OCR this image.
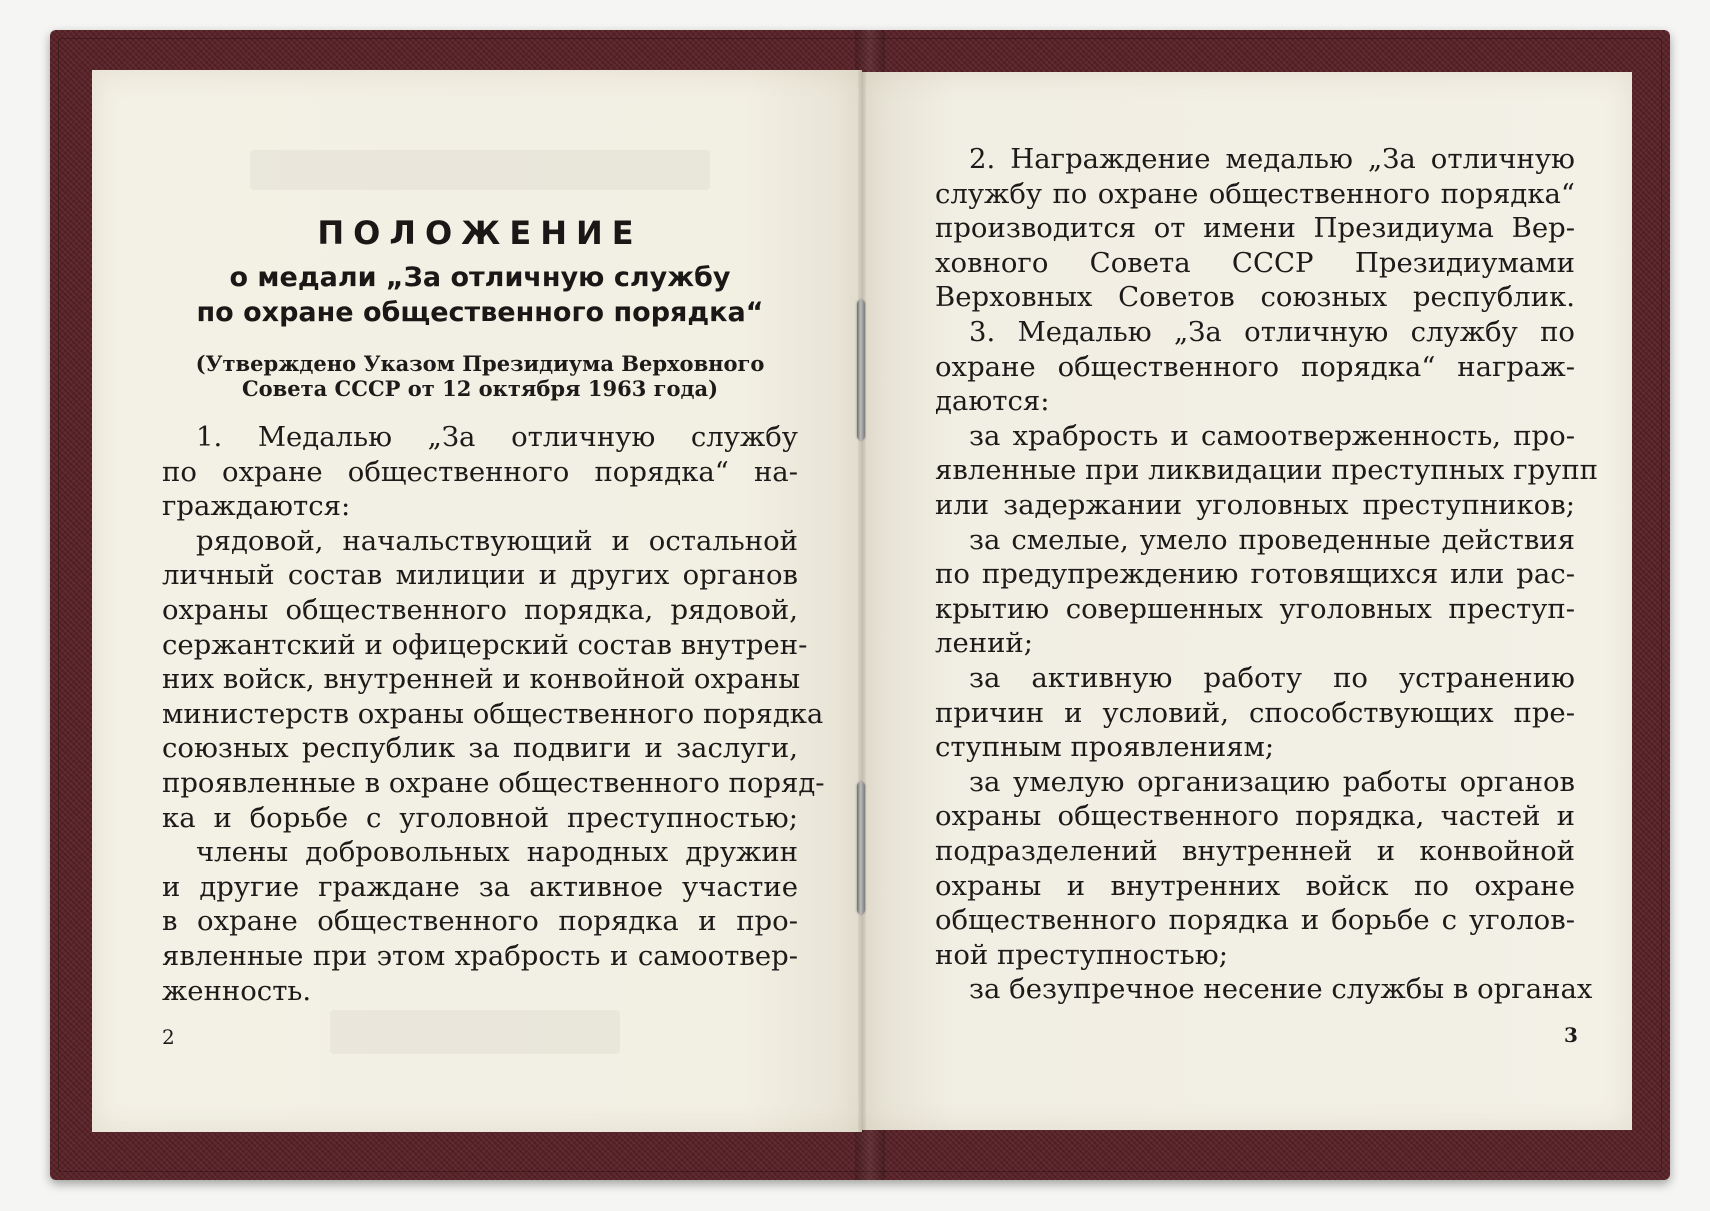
ПОЛОЖЕНИЕ
о медали „За отличную службу
по охране общественного порядка“
(Утверждено Указом Президиума Верховного
Совета СССР от 12 октября 1963 года)
1. Медалью „За отличную службу
по охране общественного порядка“ на-
граждаются:
рядовой, начальствующий и остальной
личный состав милиции и других органов
охраны общественного порядка, рядовой,
сержантский и офицерский состав внутрен-
них войск, внутренней и конвойной охраны
министерств охраны общественного порядка
союзных республик за подвиги и заслуги,
проявленные в охране общественного поряд-
ка и борьбе с уголовной преступностью;
члены добровольных народных дружин
и другие граждане за активное участие
в охране общественного порядка и про-
явленные при этом храбрость и самоотвер-
женность.
2
2. Награждение медалью „За отличную
службу по охране общественного порядка“
производится от имени Президиума Вер-
ховного Совета СССР Президиумами
Верховных Советов союзных республик.
3. Медалью „За отличную службу по
охране общественного порядка“ награж-
даются:
за храбрость и самоотверженность, про-
явленные при ликвидации преступных групп
или задержании уголовных преступников;
за смелые, умело проведенные действия
по предупреждению готовящихся или рас-
крытию совершенных уголовных преступ-
лений;
за активную работу по устранению
причин и условий, способствующих пре-
ступным проявлениям;
за умелую организацию работы органов
охраны общественного порядка, частей и
подразделений внутренней и конвойной
охраны и внутренних войск по охране
общественного порядка и борьбе с уголов-
ной преступностью;
за безупречное несение службы в органах
3
